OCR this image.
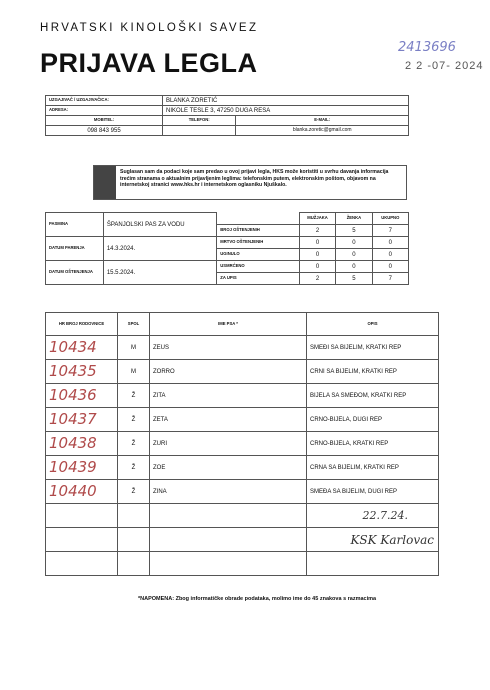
HRVATSKI KINOLOŠKI SAVEZ
PRIJAVA LEGLA
2413696
2 2 -07- 2024
UZGAJIVAČ / UZGAJIVAČICA:	BLANKA ZORETIĆ	
ADRESA:	NIKOLE TESLE 3, 47250 DUGA RESA	
MOBITEL:	TELEFON:	E-MAIL:
098 843 955		blanka.zoretic@gmail.com
Suglasan sam da podaci koje sam predao u ovoj prijavi legla, HKS može koristiti u svrhu davanja informacija trećim stranama o aktualnim prijavljenim leglima: telefonskim putem, elektronskim poštom, objavom na internetskoj stranici www.hks.hr i internetskom oglasniku Njuškalo.
PASMINA	ŠPANJOLSKI PAS ZA VODU		MUŽJAKA	ŽENKA	UKUPNO
		BROJ OŠTENJENIH	2	5	7
DATUM PARENJA	14.3.2024.	MRTVO OŠTENJENIH	0	0	0
		UGINULO	0	0	0
DATUM OŠTENJENJA	15.5.2024.	USMRĆENO	0	0	0
		ZA UPIS	2	5	7
HR BROJ RODOVNICE	SPOL	IME PSA *	OPIS
10434	M	ZEUS	SMEĐI SA BIJELIM, KRATKI REP
10435	M	ZORRO	CRNI SA BIJELIM, KRATKI REP
10436	Ž	ZITA	BIJELA SA SMEĐOM, KRATKI REP
10437	Ž	ZETA	CRNO-BIJELA, DUGI REP
10438	Ž	ZURI	CRNO-BIJELA, KRATKI REP
10439	Ž	ZOE	CRNA SA BIJELIM, KRATKI REP
10440	Ž	ZINA	SMEĐA SA BIJELIM, DUGI REP
			22.7.24.
			KSK Karlovac

*NAPOMENA: Zbog informatičke obrade podataka, molimo ime do 45 znakova s razmacima
